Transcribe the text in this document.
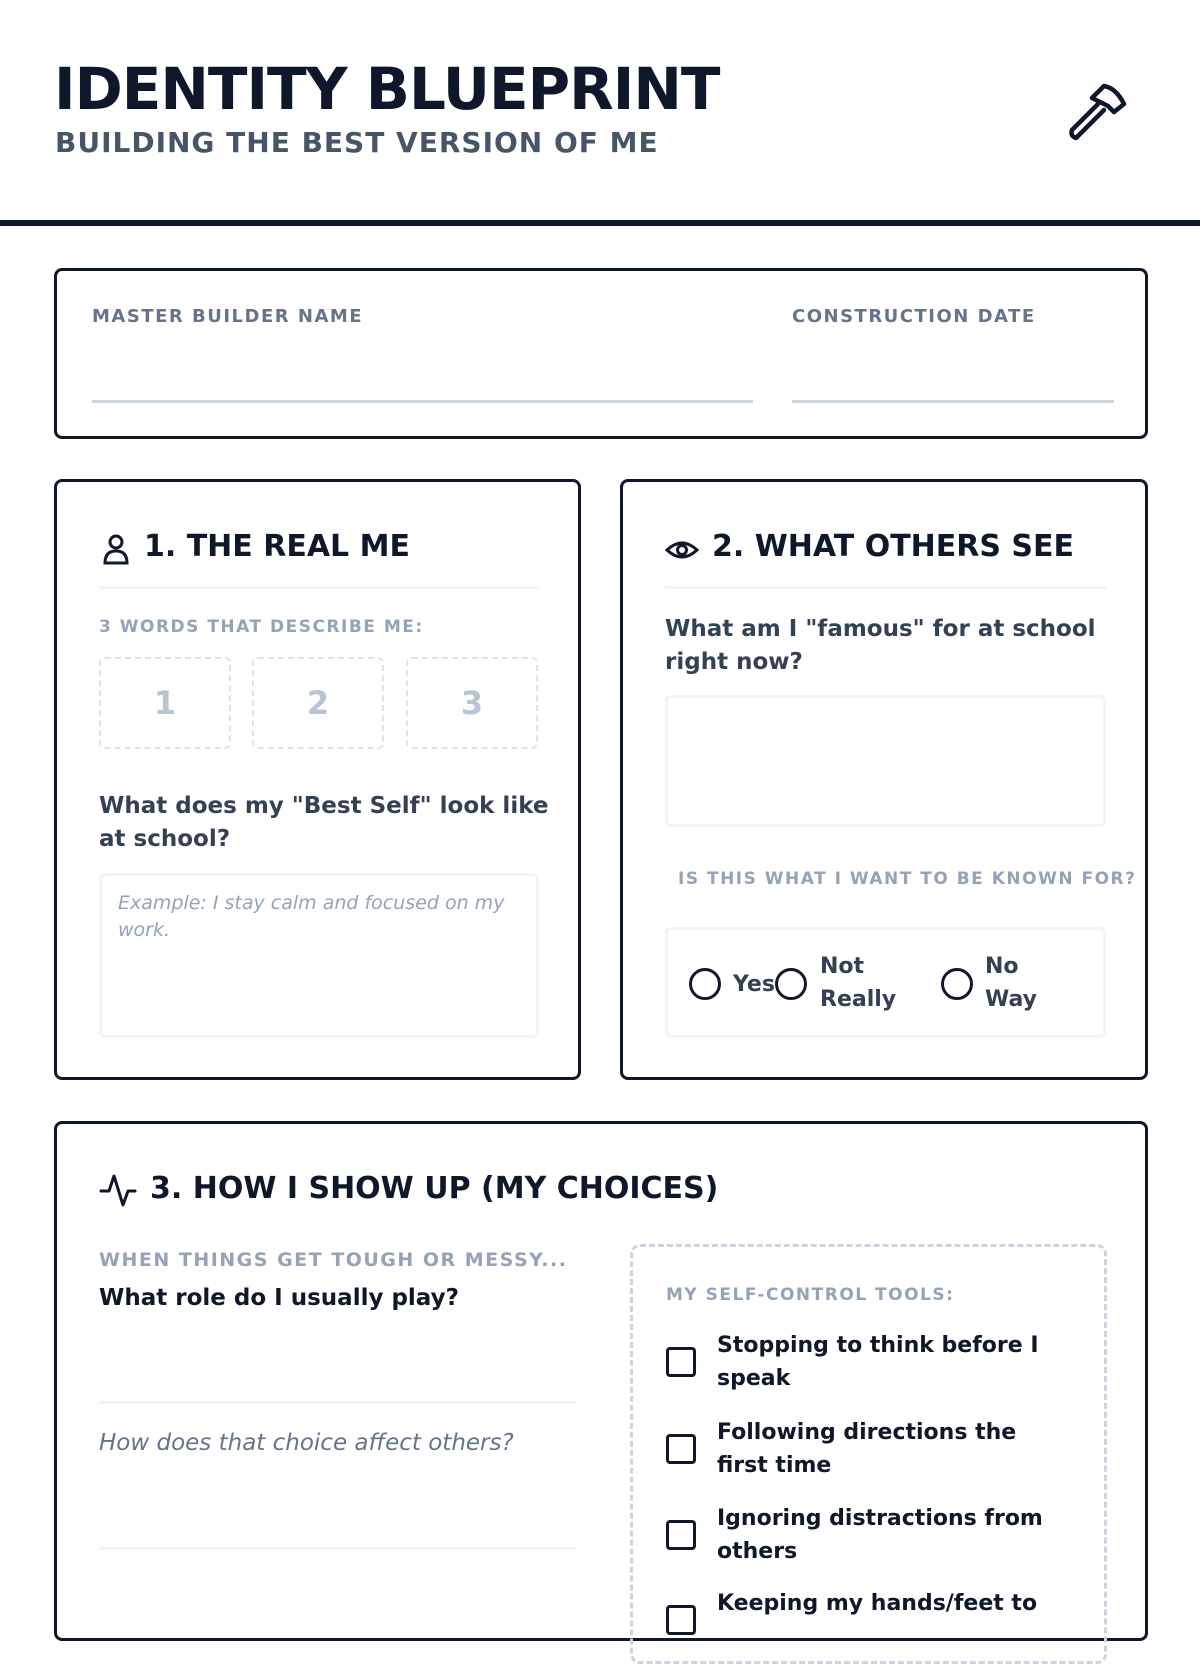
IDENTITY BLUEPRINT
BUILDING THE BEST VERSION OF ME
MASTER BUILDER NAME	CONSTRUCTION DATE
1. THE REAL ME
3 WORDS THAT DESCRIBE ME:
1	2	3
What does my "Best Self" look like at school?
Example: I stay calm and focused on my work.
2. WHAT OTHERS SEE
What am I "famous" for at school right now?
IS THIS WHAT I WANT TO BE KNOWN FOR?
Yes
Not Really
No Way
3. HOW I SHOW UP (MY CHOICES)
WHEN THINGS GET TOUGH OR MESSY...
What role do I usually play?
How does that choice affect others?
MY SELF-CONTROL TOOLS:
Stopping to think before I speak
Following directions the first time
Ignoring distractions from others
Keeping my hands/feet to
